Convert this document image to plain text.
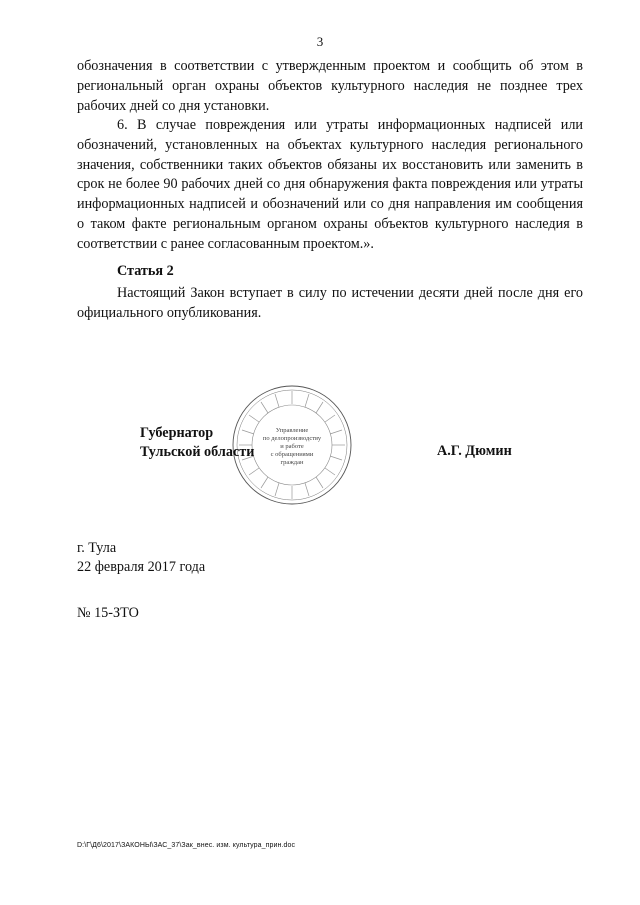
3

обозначения в соответствии с утвержденным проектом и сообщить об этом в региональный орган охраны объектов культурного наследия не позднее трех рабочих дней со дня установки.

6. В случае повреждения или утраты информационных надписей или обозначений, установленных на объектах культурного наследия регионального значения, собственники таких объектов обязаны их восстановить или заменить в срок не более 90 рабочих дней со дня обнаружения факта повреждения или утраты информационных надписей и обозначений или со дня направления им сообщения о таком факте региональным органом охраны объектов культурного наследия в соответствии с ранее согласованным проектом.».

Статья 2

Настоящий Закон вступает в силу по истечении десяти дней после дня его официального опубликования.

Управление
по делопроизводству
и работе
с обращениями
граждан
Губернатор
Тульской области	А.Г. Дюмин
г. Тула
22 февраля 2017 года
№ 15-ЗТО
D:\Г\Д6\2017\ЗАКОНЫ\ЗАС_37\Зак_внес. изм. культура_прин.doc
